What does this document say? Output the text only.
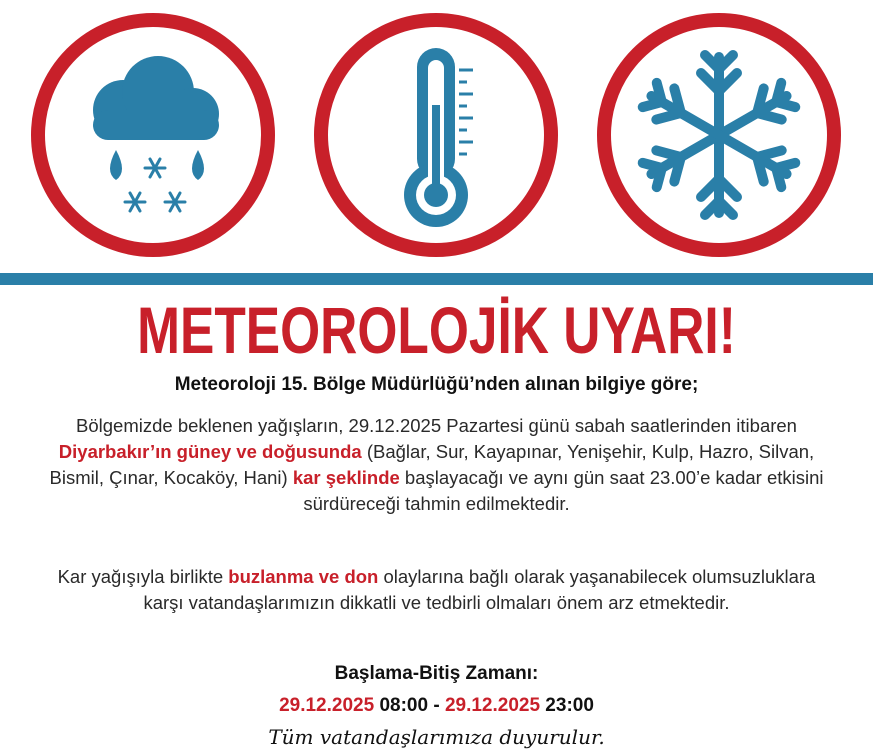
METEOROLOJİK UYARI!
Meteoroloji 15. Bölge Müdürlüğü’nden alınan bilgiye göre;
Bölgemizde beklenen yağışların, 29.12.2025 Pazartesi günü sabah saatlerinden itibaren Diyarbakır’ın güney ve doğusunda (Bağlar, Sur, Kayapınar, Yenişehir, Kulp, Hazro, Silvan, Bismil, Çınar, Kocaköy, Hani) kar şeklinde başlayacağı ve aynı gün saat 23.00’e kadar etkisini sürdüreceği tahmin edilmektedir.
Kar yağışıyla birlikte buzlanma ve don olaylarına bağlı olarak yaşanabilecek olumsuzluklara karşı vatandaşlarımızın dikkatli ve tedbirli olmaları önem arz etmektedir.
Başlama-Bitiş Zamanı:
29.12.2025 08:00 - 29.12.2025 23:00
Tüm vatandaşlarımıza duyurulur.
